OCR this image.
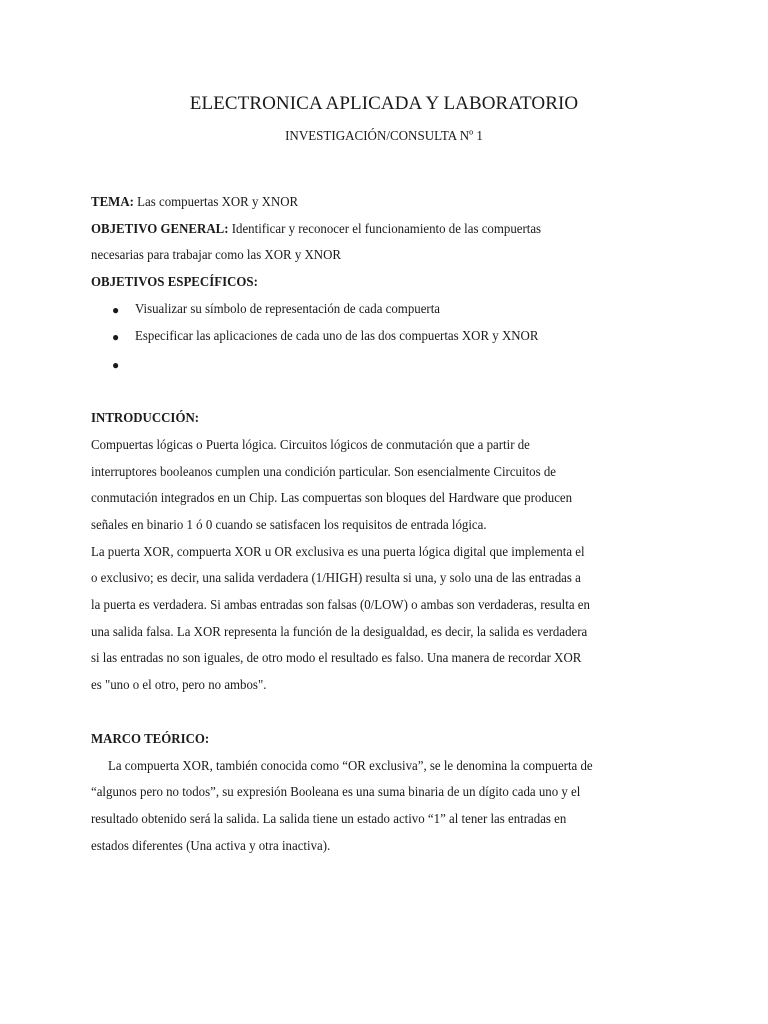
ELECTRONICA APLICADA Y LABORATORIO
INVESTIGACIÓN/CONSULTA Nº 1
TEMA: Las compuertas XOR y XNOR
OBJETIVO GENERAL: Identificar y reconocer el funcionamiento de las compuertas
necesarias para trabajar como las XOR y XNOR
OBJETIVOS ESPECÍFICOS:
● Visualizar su símbolo de representación de cada compuerta
● Especificar las aplicaciones de cada uno de las dos compuertas XOR y XNOR
●
INTRODUCCIÓN:
Compuertas lógicas o Puerta lógica. Circuitos lógicos de conmutación que a partir de
interruptores booleanos cumplen una condición particular. Son esencialmente Circuitos de
conmutación integrados en un Chip. Las compuertas son bloques del Hardware que producen
señales en binario 1 ó 0 cuando se satisfacen los requisitos de entrada lógica.
La puerta XOR, compuerta XOR u OR exclusiva es una puerta lógica digital que implementa el
o exclusivo; es decir, una salida verdadera (1/HIGH) resulta si una, y solo una de las entradas a
la puerta es verdadera. Si ambas entradas son falsas (0/LOW) o ambas son verdaderas, resulta en
una salida falsa. La XOR representa la función de la desigualdad, es decir, la salida es verdadera
si las entradas no son iguales, de otro modo el resultado es falso. Una manera de recordar XOR
es "uno o el otro, pero no ambos".
MARCO TEÓRICO:
La compuerta XOR, también conocida como “OR exclusiva”, se le denomina la compuerta de
“algunos pero no todos”, su expresión Booleana es una suma binaria de un dígito cada uno y el
resultado obtenido será la salida. La salida tiene un estado activo “1” al tener las entradas en
estados diferentes (Una activa y otra inactiva).
